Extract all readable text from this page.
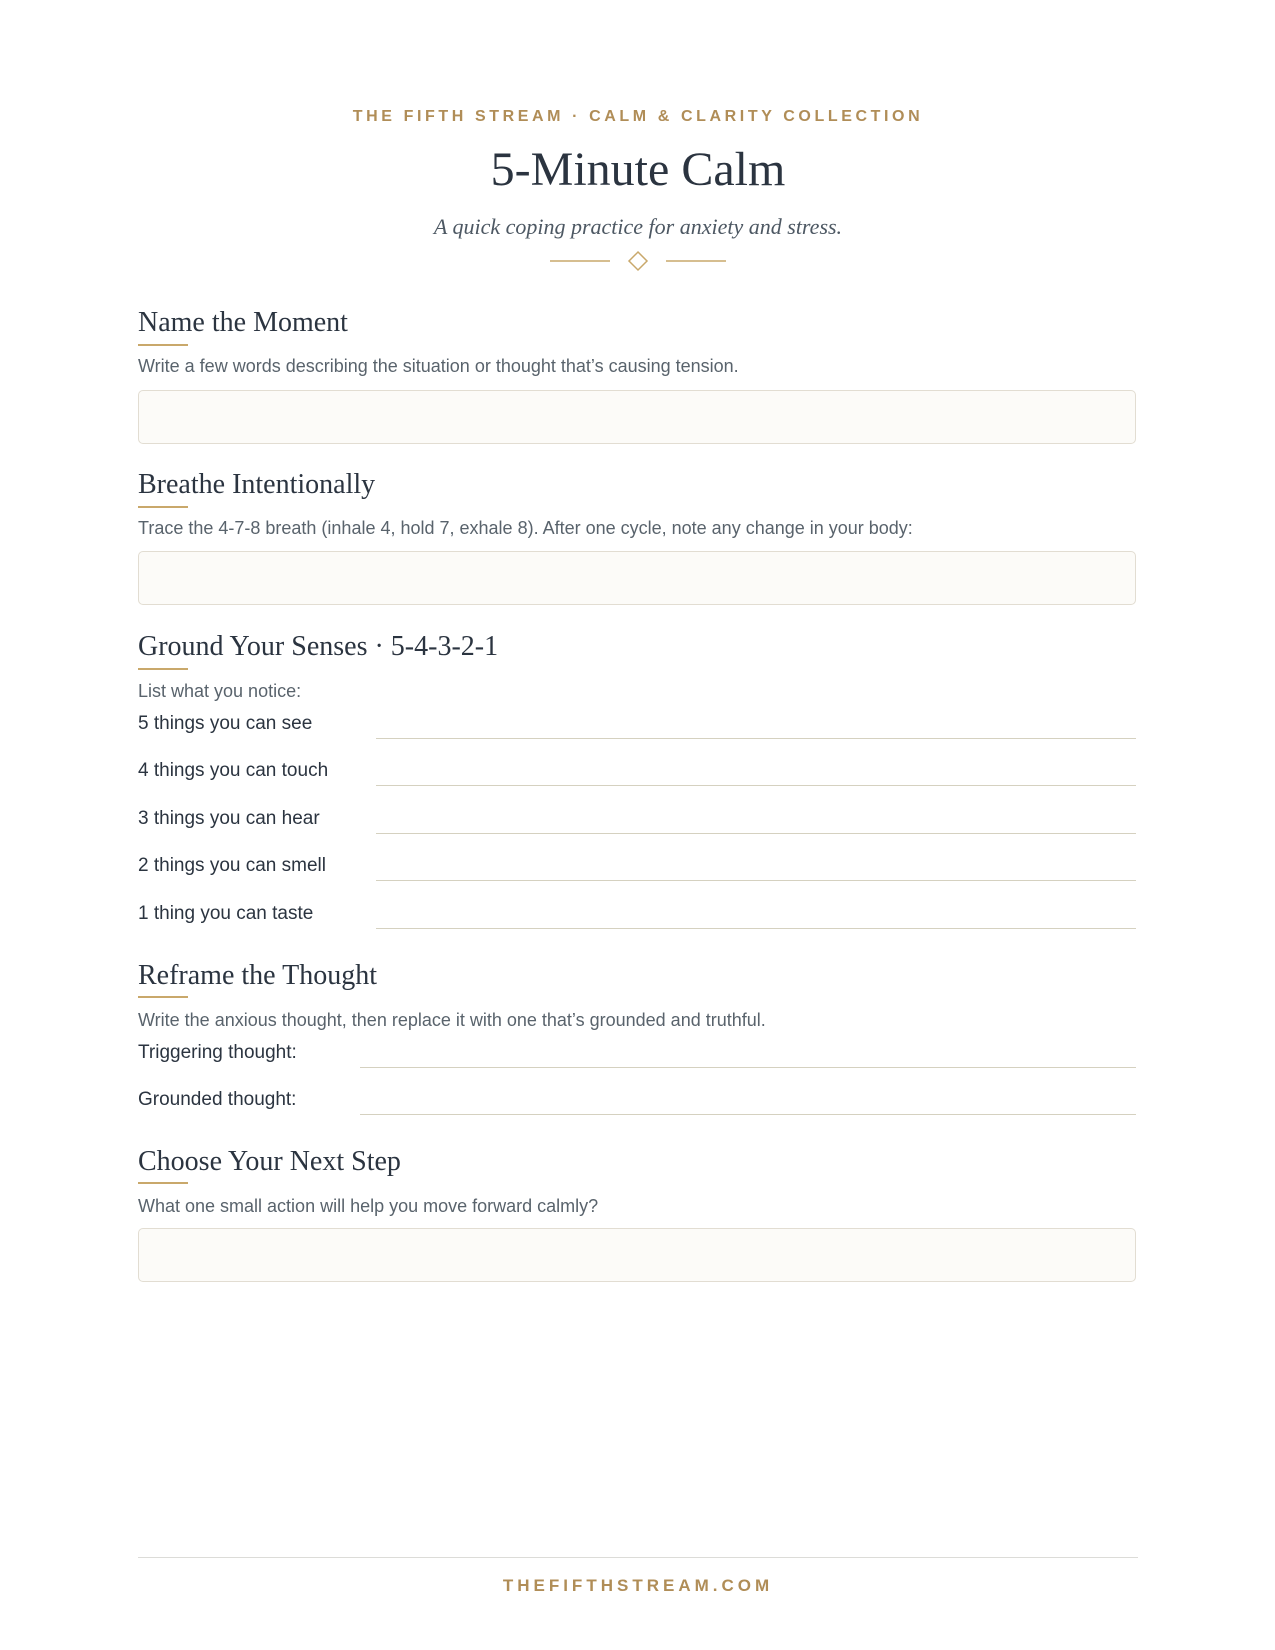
THE FIFTH STREAM · CALM & CLARITY COLLECTION
5-Minute Calm
A quick coping practice for anxiety and stress.
Name the Moment
Write a few words describing the situation or thought that’s causing tension.
Breathe Intentionally
Trace the 4-7-8 breath (inhale 4, hold 7, exhale 8). After one cycle, note any change in your body:
Ground Your Senses · 5-4-3-2-1
List what you notice:
5 things you can see
4 things you can touch
3 things you can hear
2 things you can smell
1 thing you can taste
Reframe the Thought
Write the anxious thought, then replace it with one that’s grounded and truthful.
Triggering thought:
Grounded thought:
Choose Your Next Step
What one small action will help you move forward calmly?
THEFIFTHSTREAM.COM
